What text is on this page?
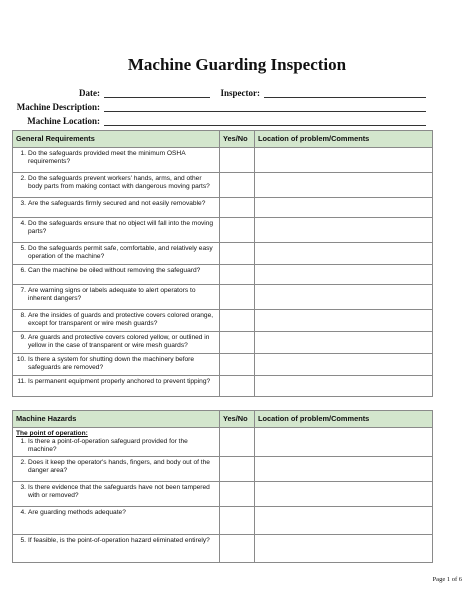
Machine Guarding Inspection
Date:	Inspector:
Machine Description:
Machine Location:
General Requirements	Yes/No	Location of problem/Comments

1. Do the safeguards provided meet the minimum OSHA requirements?		

2. Do the safeguards prevent workers' hands, arms, and other body parts from making contact with dangerous moving parts?		

3. Are the safeguards firmly secured and not easily removable?		

4. Do the safeguards ensure that no object will fall into the moving parts?		

5. Do the safeguards permit safe, comfortable, and relatively easy operation of the machine?		

6. Can the machine be oiled without removing the safeguard?		

7. Are warning signs or labels adequate to alert operators to inherent dangers?		

8. Are the insides of guards and protective covers colored orange, except for transparent or wire mesh guards?		

9. Are guards and protective covers colored yellow, or outlined in yellow in the case of transparent or wire mesh guards?		

10. Is there a system for shutting down the machinery before safeguards are removed?		

11. Is permanent equipment properly anchored to prevent tipping?		

Machine Hazards	Yes/No	Location of problem/Comments

The point of operation:
1. Is there a point-of-operation safeguard provided for the machine?		

2. Does it keep the operator's hands, fingers, and body out of the danger area?		

3. Is there evidence that the safeguards have not been tampered with or removed?		

4. Are guarding methods adequate?		

5. If feasible, is the point-of-operation hazard eliminated entirely?		

Page 1 of 6
